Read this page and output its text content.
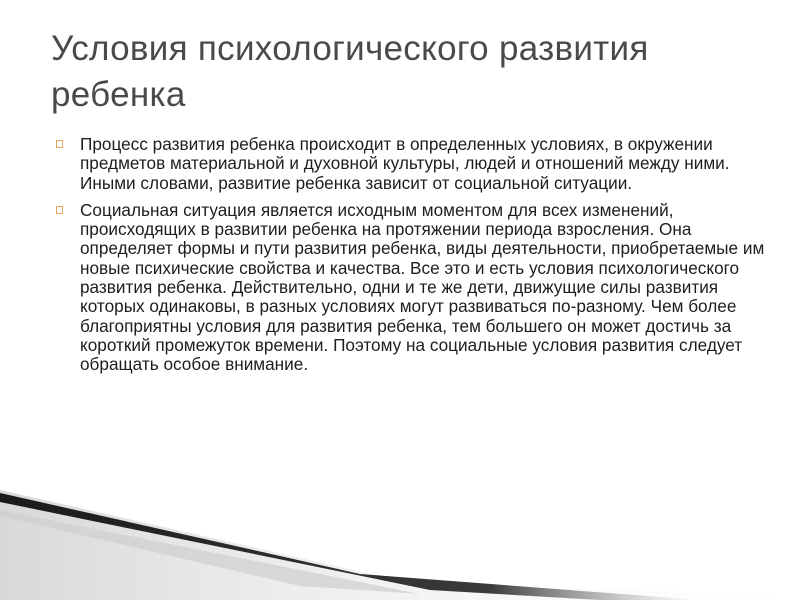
Условия психологического развития ребенка
Процесс развития ребенка происходит в определенных условиях, в окружении предметов материальной и духовной культуры, людей и отношений между ними. Иными словами, развитие ребенка зависит от социальной ситуации.
Социальная ситуация является исходным моментом для всех изменений, происходящих в развитии ребенка на протяжении периода взросления. Она определяет формы и пути развития ребенка, виды деятельности, приобретаемые им новые психические свойства и качества. Все это и есть условия психологического развития ребенка. Действительно, одни и те же дети, движущие силы развития которых одинаковы, в разных условиях могут развиваться по-разному. Чем более благоприятны условия для развития ребенка, тем большего он может достичь за короткий промежуток времени. Поэтому на социальные условия развития следует обращать особое внимание.
